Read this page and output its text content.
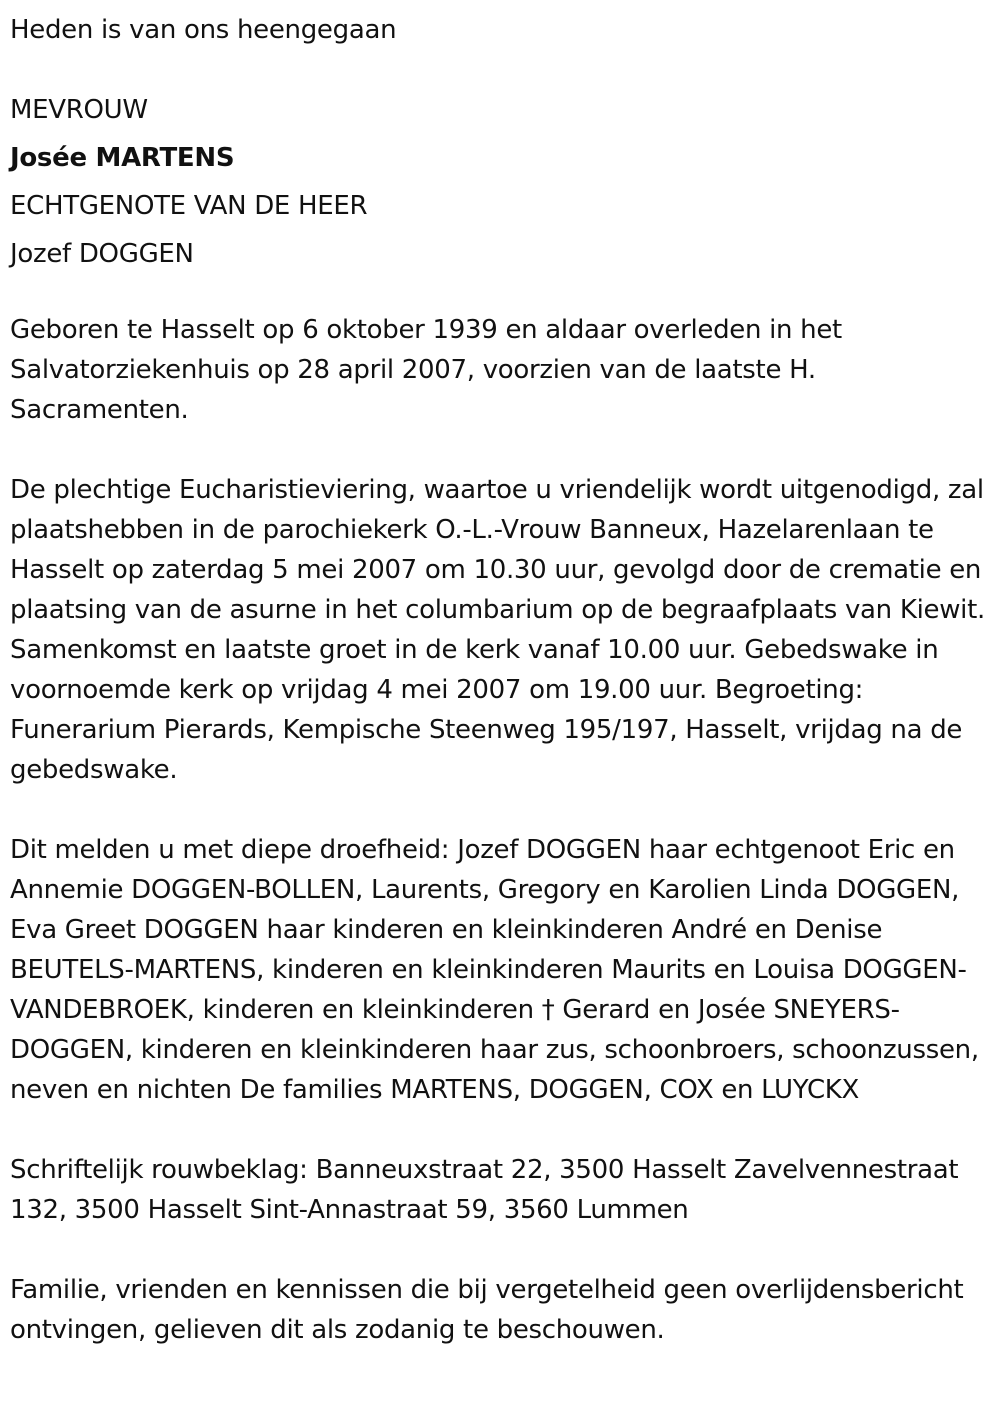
Heden is van ons heengegaan

MEVROUW

Josée MARTENS

ECHTGENOTE VAN DE HEER

Jozef DOGGEN

Geboren te Hasselt op 6 oktober 1939 en aldaar overleden in het Salvatorziekenhuis op 28 april 2007, voorzien van de laatste H. Sacramenten.

De plechtige Eucharistieviering, waartoe u vriendelijk wordt uitgenodigd, zal plaatshebben in de parochiekerk O.-L.-Vrouw Banneux, Hazelarenlaan te Hasselt op zaterdag 5 mei 2007 om 10.30 uur, gevolgd door de crematie en plaatsing van de asurne in het columbarium op de begraafplaats van Kiewit. Samenkomst en laatste groet in de kerk vanaf 10.00 uur. Gebedswake in voornoemde kerk op vrijdag 4 mei 2007 om 19.00 uur. Begroeting: Funerarium Pierards, Kempische Steenweg 195/197, Hasselt, vrijdag na de gebedswake.

Dit melden u met diepe droefheid: Jozef DOGGEN haar echtgenoot Eric en Annemie DOGGEN-BOLLEN, Laurents, Gregory en Karolien Linda DOGGEN, Eva Greet DOGGEN haar kinderen en kleinkinderen André en Denise BEUTELS-MARTENS, kinderen en kleinkinderen Maurits en Louisa DOGGEN-VANDEBROEK, kinderen en kleinkinderen † Gerard en Josée SNEYERS-DOGGEN, kinderen en kleinkinderen haar zus, schoonbroers, schoonzussen, neven en nichten De families MARTENS, DOGGEN, COX en LUYCKX

Schriftelijk rouwbeklag: Banneuxstraat 22, 3500 Hasselt Zavelvennestraat 132, 3500 Hasselt Sint-Annastraat 59, 3560 Lummen

Familie, vrienden en kennissen die bij vergetelheid geen overlijdensbericht ontvingen, gelieven dit als zodanig te beschouwen.
